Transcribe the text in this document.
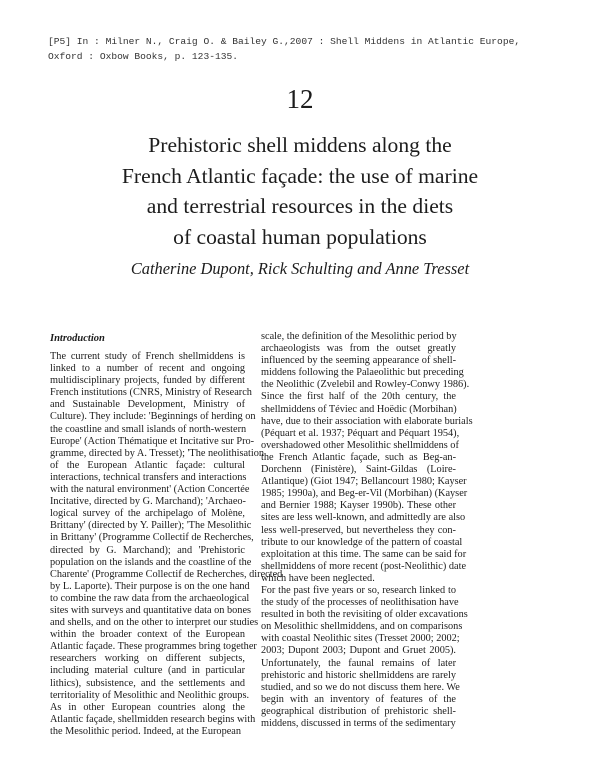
[P5] In : Milner N., Craig O. & Bailey G.,2007 : Shell Middens in Atlantic Europe,
Oxford : Oxbow Books, p. 123-135.
12
Prehistoric shell middens along the
French Atlantic façade: the use of marine
and terrestrial resources in the diets
of coastal human populations
Catherine Dupont, Rick Schulting and Anne Tresset
Introduction
The current study of French shellmiddens is
linked to a number of recent and ongoing
multidisciplinary projects, funded by different
French institutions (CNRS, Ministry of Research
and Sustainable Development, Ministry of
Culture). They include: 'Beginnings of herding on
the coastline and small islands of north-western
Europe' (Action Thématique et Incitative sur Pro-
gramme, directed by A. Tresset); 'The neolithisation
of the European Atlantic façade: cultural
interactions, technical transfers and interactions
with the natural environment' (Action Concertée
Incitative, directed by G. Marchand); 'Archaeo-
logical survey of the archipelago of Molène,
Brittany' (directed by Y. Pailler); 'The Mesolithic
in Brittany' (Programme Collectif de Recherches,
directed by G. Marchand); and 'Prehistoric
population on the islands and the coastline of the
Charente' (Programme Collectif de Recherches, directed
by L. Laporte). Their purpose is on the one hand
to combine the raw data from the archaeological
sites with surveys and quantitative data on bones
and shells, and on the other to interpret our studies
within the broader context of the European
Atlantic façade. These programmes bring together
researchers working on different subjects,
including material culture (and in particular
lithics), subsistence, and the settlements and
territoriality of Mesolithic and Neolithic groups.
As in other European countries along the
Atlantic façade, shellmidden research begins with
the Mesolithic period. Indeed, at the European
scale, the definition of the Mesolithic period by
archaeologists was from the outset greatly
influenced by the seeming appearance of shell-
middens following the Palaeolithic but preceding
the Neolithic (Zvelebil and Rowley-Conwy 1986).
Since the first half of the 20th century, the
shellmiddens of Téviec and Hoëdic (Morbihan)
have, due to their association with elaborate burials
(Péquart et al. 1937; Péquart and Péquart 1954),
overshadowed other Mesolithic shellmiddens of
the French Atlantic façade, such as Beg-an-
Dorchenn (Finistère), Saint-Gildas (Loire-
Atlantique) (Giot 1947; Bellancourt 1980; Kayser
1985; 1990a), and Beg-er-Vil (Morbihan) (Kayser
and Bernier 1988; Kayser 1990b). These other
sites are less well-known, and admittedly are also
less well-preserved, but nevertheless they con-
tribute to our knowledge of the pattern of coastal
exploitation at this time. The same can be said for
shellmiddens of more recent (post-Neolithic) date
which have been neglected.
For the past five years or so, research linked to
the study of the processes of neolithisation have
resulted in both the revisiting of older excavations
on Mesolithic shellmiddens, and on comparisons
with coastal Neolithic sites (Tresset 2000; 2002;
2003; Dupont 2003; Dupont and Gruet 2005).
Unfortunately, the faunal remains of later
prehistoric and historic shellmiddens are rarely
studied, and so we do not discuss them here. We
begin with an inventory of features of the
geographical distribution of prehistoric shell-
middens, discussed in terms of the sedimentary
